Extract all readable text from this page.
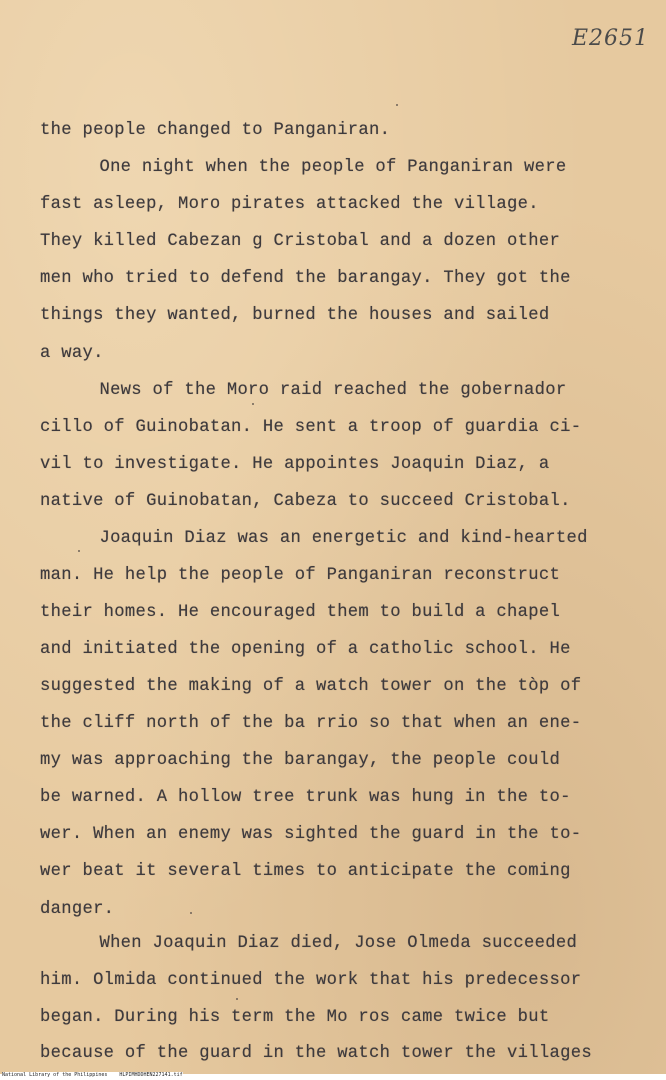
E2651
the people changed to Panganiran.
One night when the people of Panganiran were
fast asleep, Moro pirates attacked the village.
They killed Cabezan g Cristobal and a dozen other
men who tried to defend the barangay. They got the
things they wanted, burned the houses and sailed
a way.
News of the Moro raid reached the gobernador
cillo of Guinobatan. He sent a troop of guardia ci-
vil to investigate. He appointes Joaquin Diaz, a
native of Guinobatan, Cabeza to succeed Cristobal.
Joaquin Diaz was an energetic and kind-hearted
man. He help the people of Panganiran reconstruct
their homes. He encouraged them to build a chapel
and initiated the opening of a catholic school. He
suggested the making of a watch tower on the tòp of
the cliff north of the ba rrio so that when an ene-
my was approaching the barangay, the people could
be warned. A hollow tree trunk was hung in the to-
wer. When an enemy was sighted the guard in the to-
wer beat it several times to anticipate the coming
danger.
When Joaquin Diaz died, Jose Olmeda succeeded
him. Olmida continued the work that his predecessor
began. During his term the Mo ros came twice but
because of the guard in the watch tower the villages
National Library of the Philippines    HLPIMHDDHEN227141.tif
